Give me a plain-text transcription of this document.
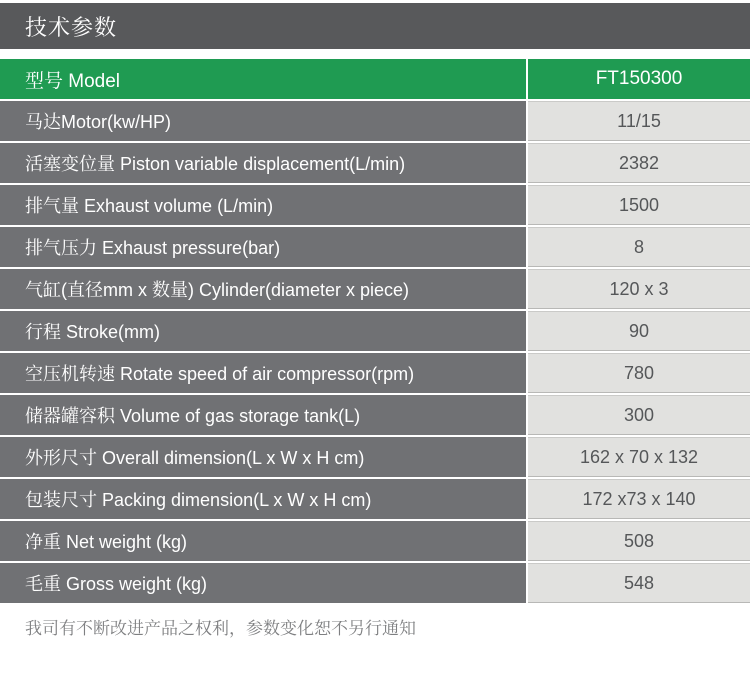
技术参数
型号 Model	FT150300
马达Motor(kw/HP)	11/15
活塞变位量 Piston variable displacement(L/min)	2382
排气量 Exhaust volume (L/min)	1500
排气压力 Exhaust pressure(bar)	8
气缸(直径mm x 数量) Cylinder(diameter x piece)	120 x 3
行程 Stroke(mm)	90
空压机转速 Rotate speed of air compressor(rpm)	780
储器罐容积 Volume of gas storage tank(L)	300
外形尺寸 Overall dimension(L x W x H cm)	162 x 70 x 132
包装尺寸 Packing dimension(L x W x H cm)	172 x73 x 140
净重 Net weight (kg)	508
毛重 Gross weight (kg)	548
我司有不断改进产品之权利，参数变化恕不另行通知
